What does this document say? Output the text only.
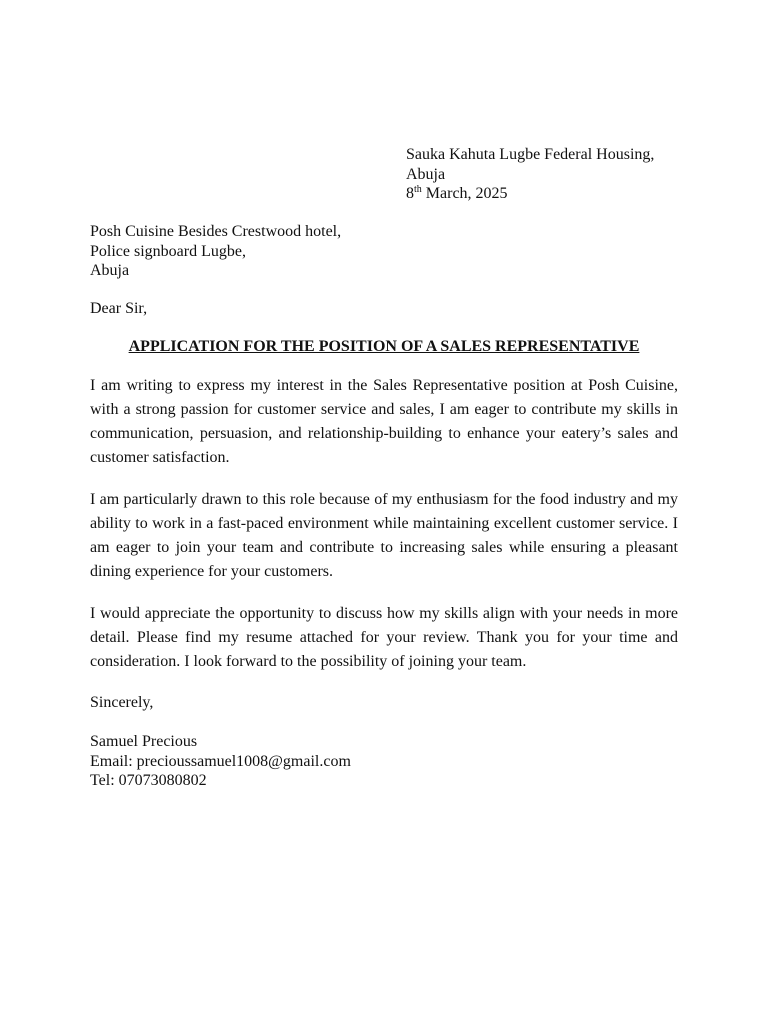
Sauka Kahuta Lugbe Federal Housing,
Abuja
8th March, 2025
Posh Cuisine Besides Crestwood hotel,
Police signboard Lugbe,
Abuja
Dear Sir,
APPLICATION FOR THE POSITION OF A SALES REPRESENTATIVE

I am writing to express my interest in the Sales Representative position at Posh Cuisine, with a strong passion for customer service and sales, I am eager to contribute my skills in communication, persuasion, and relationship-building to enhance your eatery’s sales and customer satisfaction.

I am particularly drawn to this role because of my enthusiasm for the food industry and my ability to work in a fast-paced environment while maintaining excellent customer service. I am eager to join your team and contribute to increasing sales while ensuring a pleasant dining experience for your customers.

I would appreciate the opportunity to discuss how my skills align with your needs in more detail. Please find my resume attached for your review. Thank you for your time and consideration. I look forward to the possibility of joining your team.

Sincerely,
Samuel Precious
Email: precioussamuel1008@gmail.com
Tel: 07073080802
